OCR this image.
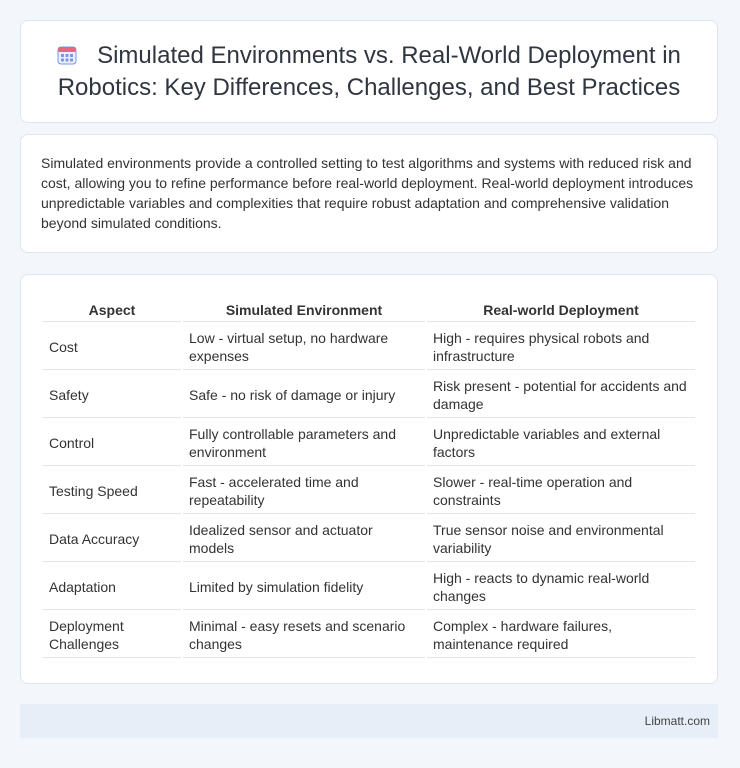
Simulated Environments vs. Real-World Deployment in Robotics: Key Differences, Challenges, and Best Practices

Simulated environments provide a controlled setting to test algorithms and systems with reduced risk and cost, allowing you to refine performance before real-world deployment. Real-world deployment introduces unpredictable variables and complexities that require robust adaptation and comprehensive validation beyond simulated conditions.

Aspect	Simulated Environment	Real-world Deployment
Cost	Low - virtual setup, no hardware expenses	High - requires physical robots and infrastructure
Safety	Safe - no risk of damage or injury	Risk present - potential for accidents and damage
Control	Fully controllable parameters and environment	Unpredictable variables and external factors
Testing Speed	Fast - accelerated time and repeatability	Slower - real-time operation and constraints
Data Accuracy	Idealized sensor and actuator models	True sensor noise and environmental variability
Adaptation	Limited by simulation fidelity	High - reacts to dynamic real-world changes
Deployment Challenges	Minimal - easy resets and scenario changes	Complex - hardware failures, maintenance required
Libmatt.com
